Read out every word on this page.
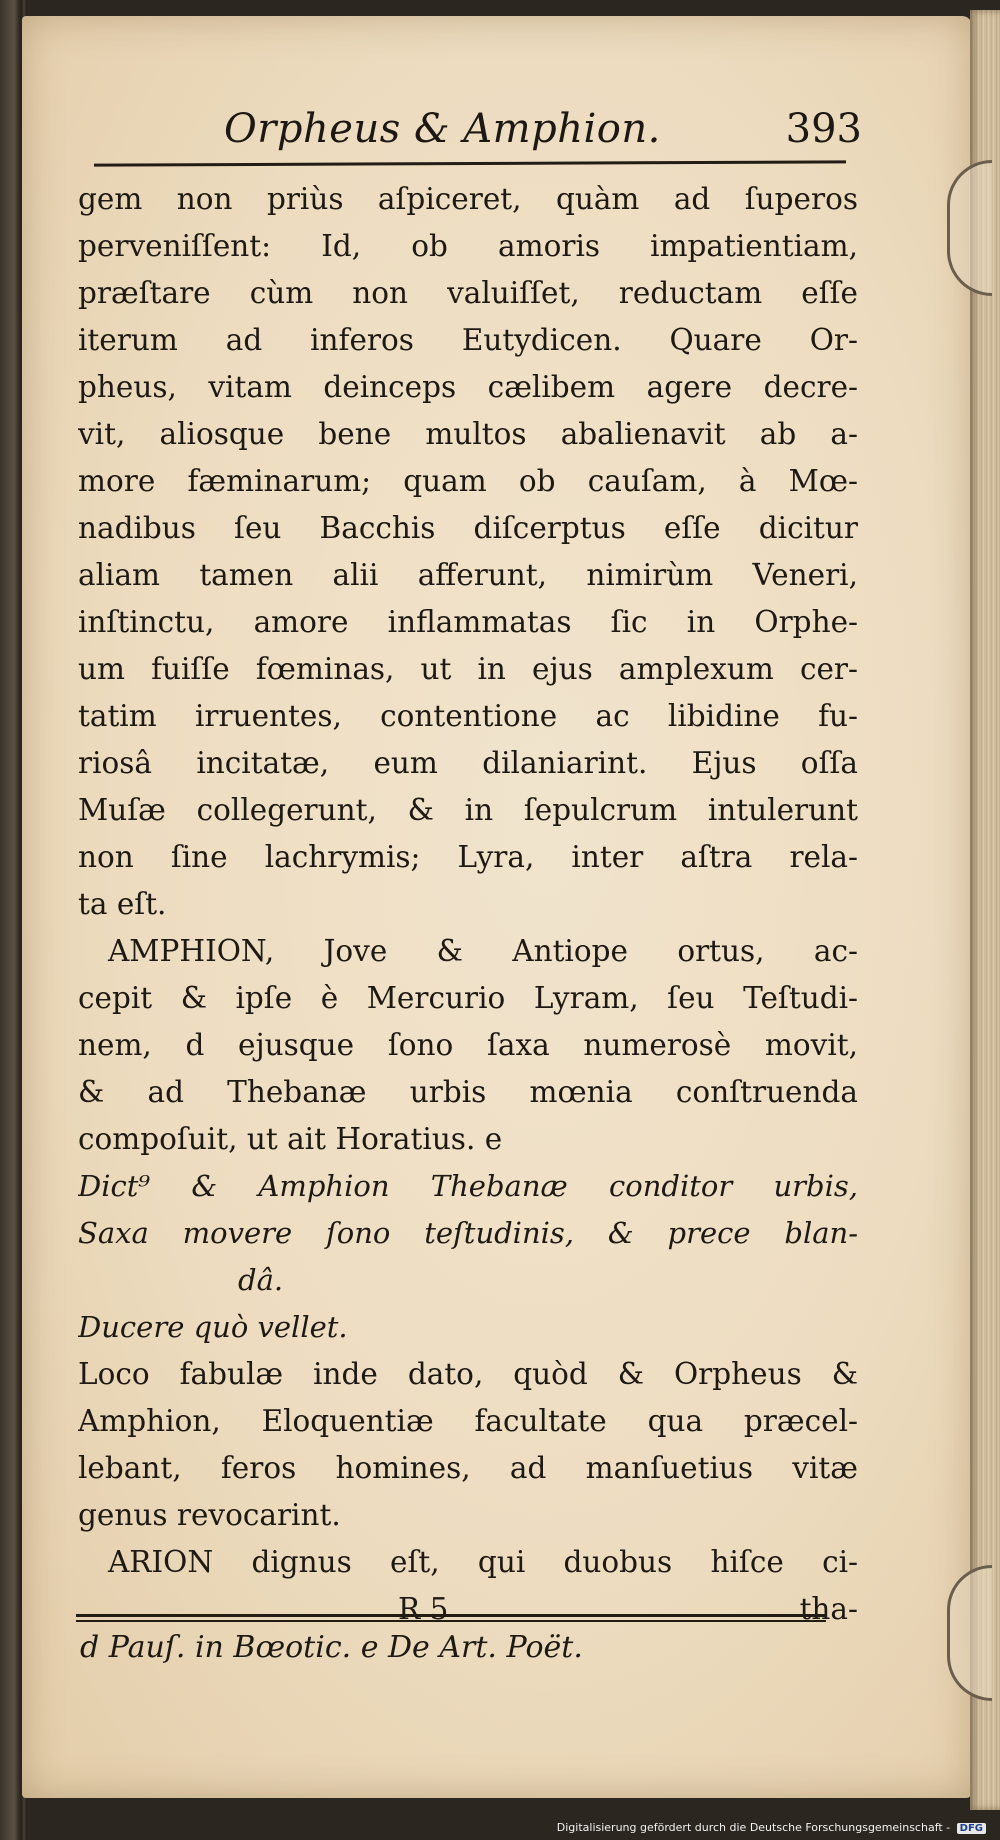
Orpheus & Amphion.	393
gem non priùs aſpiceret, quàm ad ſuperos
perveniſſent: Id, ob amoris impatientiam,
præſtare cùm non valuiſſet, reductam eſſe
iterum ad inferos Eutydicen. Quare Or-
pheus, vitam deinceps cælibem agere decre-
vit, aliosque bene multos abalienavit ab a-
more fæminarum; quam ob cauſam, à Mœ-
nadibus ſeu Bacchis diſcerptus eſſe dicitur
aliam tamen alii afferunt, nimirùm Veneri,
inſtinctu, amore inflammatas ſic in Orphe-
um fuiſſe fœminas, ut in ejus amplexum cer-
tatim irruentes, contentione ac libidine fu-
riosâ incitatæ, eum dilaniarint. Ejus oſſa
Muſæ collegerunt, & in ſepulcrum intulerunt
non ſine lachrymis; Lyra, inter aſtra rela-
ta eſt.
AMPHION, Jove & Antiope ortus, ac-
cepit & ipſe è Mercurio Lyram, ſeu Teſtudi-
nem, d ejusque ſono ſaxa numerosè movit,
& ad Thebanæ urbis mœnia conſtruenda
compoſuit, ut ait Horatius. e
Dict⁹ & Amphion Thebanæ conditor urbis,
Saxa movere ſono teſtudinis, & prece blan-
dâ.
Ducere quò vellet.
Loco fabulæ inde dato, quòd & Orpheus &
Amphion, Eloquentiæ facultate qua præcel-
lebant, feros homines, ad manſuetius vitæ
genus revocarint.
ARION dignus eſt, qui duobus hiſce ci-
R 5	tha-
d Pauſ. in Bœotic. e De Art. Poët.
Digitalisierung gefördert durch die Deutsche Forschungsgemeinschaft - DFG
